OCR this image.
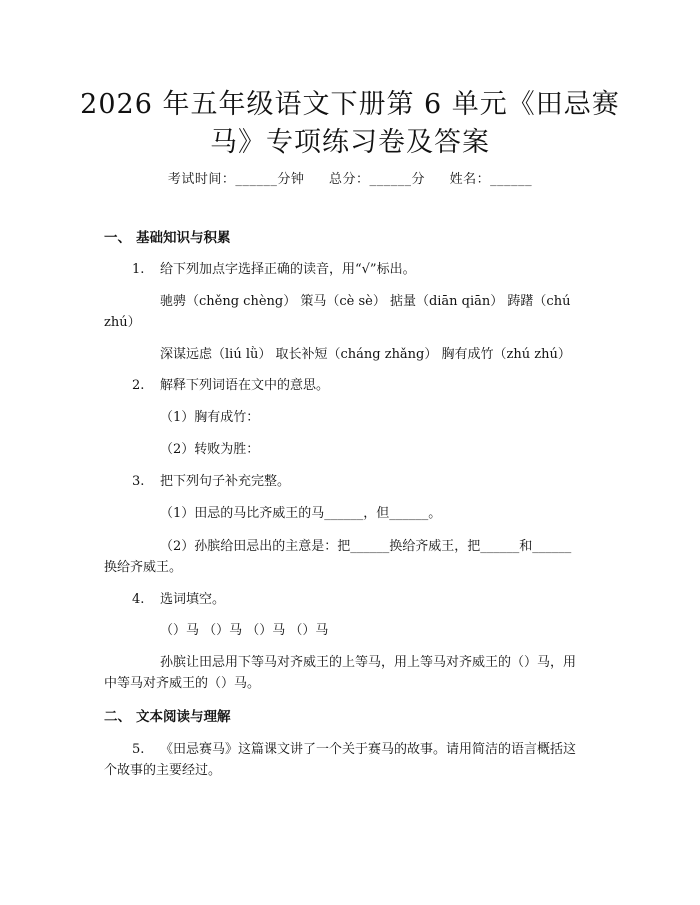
2026 年五年级语文下册第 6 单元《田忌赛
马》专项练习卷及答案
考试时间：______分钟 总分：______分 姓名：______
一、 基础知识与积累
1. 给下列加点字选择正确的读音，用“√”标出。
驰骋（chěng chèng） 策马（cè sè） 掂量（diān qiān） 踌躇（chú
zhú）
深谋远虑（liú lǜ） 取长补短（cháng zhǎng） 胸有成竹（zhú zhú）
2. 解释下列词语在文中的意思。
（1）胸有成竹：
（2）转败为胜：
3. 把下列句子补充完整。
（1）田忌的马比齐威王的马______，但______。
（2）孙膑给田忌出的主意是：把______换给齐威王，把______和______
换给齐威王。
4. 选词填空。
（）马 （）马 （）马 （）马
孙膑让田忌用下等马对齐威王的上等马，用上等马对齐威王的（）马，用
中等马对齐威王的（）马。
二、 文本阅读与理解
5. 《田忌赛马》这篇课文讲了一个关于赛马的故事。请用简洁的语言概括这
个故事的主要经过。
